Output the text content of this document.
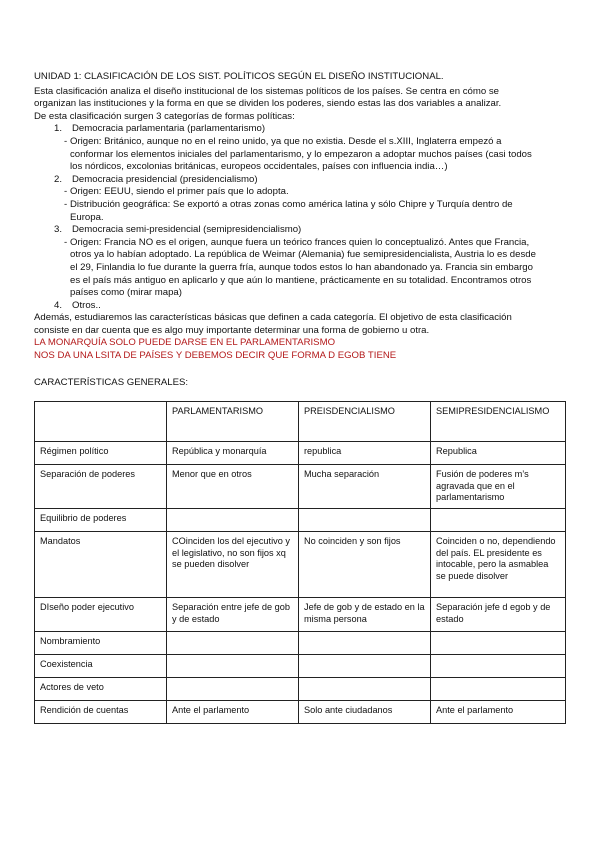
UNIDAD 1: CLASIFICACIÓN DE LOS SIST. POLÍTICOS SEGÚN EL DISEÑO INSTITUCIONAL.
Esta clasificación analiza el diseño institucional de los sistemas políticos de los países. Se centra en cómo se
organizan las instituciones y la forma en que se dividen los poderes, siendo estas las dos variables a analizar.
De esta clasificación surgen 3 categorías de formas políticas:
1.	Democracia parlamentaria (parlamentarismo)
- Origen: Británico, aunque no en el reino unido, ya que no existia. Desde el s.XIII, Inglaterra empezó a
conformar los elementos iniciales del parlamentarismo, y lo empezaron a adoptar muchos países (casi todos
los nórdicos, excolonias británicas, europeos occidentales, países con influencia india…)
2.	Democracia presidencial (presidencialismo)
- Origen: EEUU, siendo el primer país que lo adopta.
- Distribución geográfica: Se exportó a otras zonas como américa latina y sólo Chipre y Turquía dentro de
Europa.
3.	Democracia semi-presidencial (semipresidencialismo)
- Origen: Francia NO es el origen, aunque fuera un teórico frances quien lo conceptualizó. Antes que Francia,
otros ya lo habían adoptado. La república de Weimar (Alemania) fue semipresidencialista, Austria lo es desde
el 29, Finlandia lo fue durante la guerra fría, aunque todos estos lo han abandonado ya. Francia sin embargo
es el país más antiguo en aplicarlo y que aún lo mantiene, prácticamente en su totalidad. Encontramos otros
países como (mirar mapa)
4.	Otros..
Además, estudiaremos las características básicas que definen a cada categoría. El objetivo de esta clasificación
consiste en dar cuenta que es algo muy importante determinar una forma de gobierno u otra.
LA MONARQUÍA SOLO PUEDE DARSE EN EL PARLAMENTARISMO
NOS DA UNA LSITA DE PAÍSES Y DEBEMOS DECIR QUE FORMA D EGOB TIENE
CARACTERÍSTICAS GENERALES:
	PARLAMENTARISMO	PREISDENCIALISMO	SEMIPRESIDENCIALISMO
Régimen político	República y monarquía	republica	Republica
Separación de poderes	Menor que en otros	Mucha separación	Fusión de poderes m’s agravada que en el parlamentarismo
Equilibrio de poderes			
Mandatos	COinciden los del ejecutivo y el legislativo, no son fijos xq se pueden disolver	No coinciden y son fijos	Coinciden o no, dependiendo del país. EL presidente es intocable, pero la asmablea se puede disolver
DIseño poder ejecutivo	Separación entre jefe de gob y de estado	Jefe de gob y de estado en la misma persona	Separación jefe d egob y de estado
Nombramiento			
Coexistencia			
Actores de veto			
Rendición de cuentas	Ante el parlamento	Solo ante ciudadanos	Ante el parlamento
